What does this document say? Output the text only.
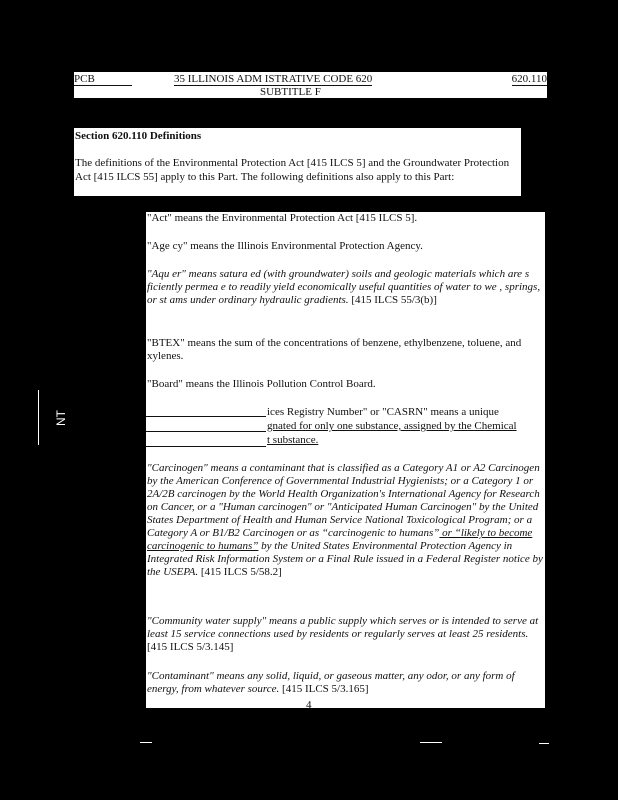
PCB	35 ILLINOIS ADM ISTRATIVE CODE 620	620.110
SUBTITLE F
Section 620.110 Definitions
The definitions of the Environmental Protection Act [415 ILCS 5] and the Groundwater Protection Act [415 ILCS 55] apply to this Part. The following definitions also apply to this Part:

"Act" means the Environmental Protection Act [415 ILCS 5].

"Age cy" means the Illinois Environmental Protection Agency.

"Aqu er" means satura ed (with groundwater) soils and geologic materials which are s ficiently permea e to readily yield economically useful quantities of water to we , springs, or st ams under ordinary hydraulic gradients. [415 ILCS 55/3(b)]

"BTEX" means the sum of the concentrations of benzene, ethylbenzene, toluene, and xylenes.

"Board" means the Illinois Pollution Control Board.

ices Registry Number" or "CASRN" means a unique

gnated for only one substance, assigned by the Chemical

t substance.

"Carcinogen" means a contaminant that is classified as a Category A1 or A2 Carcinogen by the American Conference of Governmental Industrial Hygienists; or a Category 1 or 2A/2B carcinogen by the World Health Organization's International Agency for Research on Cancer, or a "Human carcinogen" or "Anticipated Human Carcinogen" by the United States Department of Health and Human Service National Toxicological Program; or a Category A or B1/B2 Carcinogen or as “carcinogenic to humans” or “likely to become carcinogenic to humans” by the United States Environmental Protection Agency in Integrated Risk Information System or a Final Rule issued in a Federal Register notice by the USEPA. [415 ILCS 5/58.2]

"Community water supply" means a public supply which serves or is intended to serve at least 15 service connections used by residents or regularly serves at least 25 residents. [415 ILCS 5/3.145]

"Contaminant" means any solid, liquid, or gaseous matter, any odor, or any form of energy, from whatever source. [415 ILCS 5/3.165]

4
NT
